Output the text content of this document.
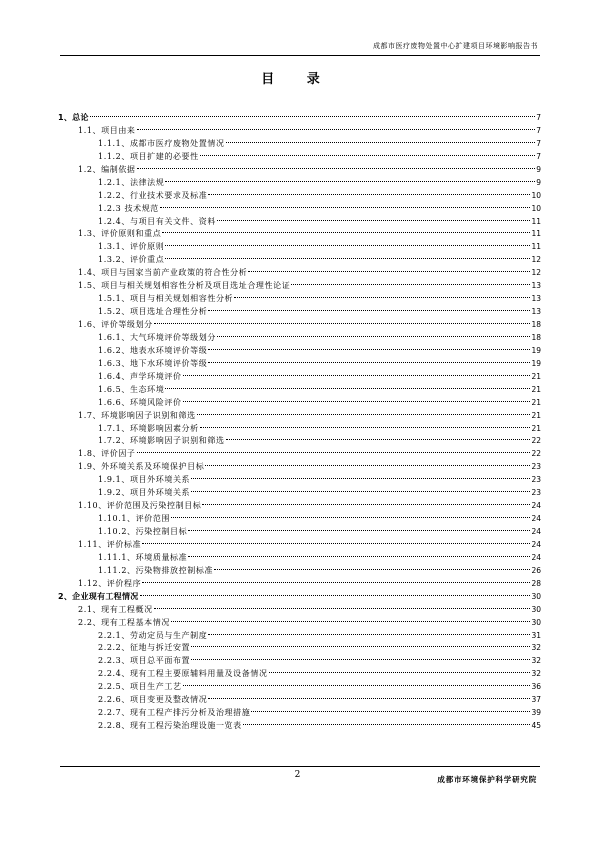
成都市医疗废物处置中心扩建项目环境影响报告书
目 录
1、总论	7
1.1、项目由来	7
1.1.1、成都市医疗废物处置情况	7
1.1.2、项目扩建的必要性	7
1.2、编制依据	9
1.2.1、法律法规	9
1.2.2、行业技术要求及标准	10
1.2.3 技术规范	10
1.2.4、与项目有关文件、资料	11
1.3、评价原则和重点	11
1.3.1、评价原则	11
1.3.2、评价重点	12
1.4、项目与国家当前产业政策的符合性分析	12
1.5、项目与相关规划相容性分析及项目选址合理性论证	13
1.5.1、项目与相关规划相容性分析	13
1.5.2、项目选址合理性分析	13
1.6、评价等级划分	18
1.6.1、大气环境评价等级划分	18
1.6.2、地表水环境评价等级	19
1.6.3、地下水环境评价等级	19
1.6.4、声学环境评价	21
1.6.5、生态环境	21
1.6.6、环境风险评价	21
1.7、环境影响因子识别和筛选	21
1.7.1、环境影响因素分析	21
1.7.2、环境影响因子识别和筛选	22
1.8、评价因子	22
1.9、外环境关系及环境保护目标	23
1.9.1、项目外环境关系	23
1.9.2、项目外环境关系	23
1.10、评价范围及污染控制目标	24
1.10.1、评价范围	24
1.10.2、污染控制目标	24
1.11、评价标准	24
1.11.1、环境质量标准	24
1.11.2、污染物排放控制标准	26
1.12、评价程序	28
2、企业现有工程情况	30
2.1、现有工程概况	30
2.2、现有工程基本情况	30
2.2.1、劳动定员与生产制度	31
2.2.2、征地与拆迁安置	32
2.2.3、项目总平面布置	32
2.2.4、现有工程主要原辅料用量及设备情况	32
2.2.5、项目生产工艺	36
2.2.6、项目变更及整改情况	37
2.2.7、现有工程产排污分析及治理措施	39
2.2.8、现有工程污染治理设施一览表	45
2	成都市环境保护科学研究院
